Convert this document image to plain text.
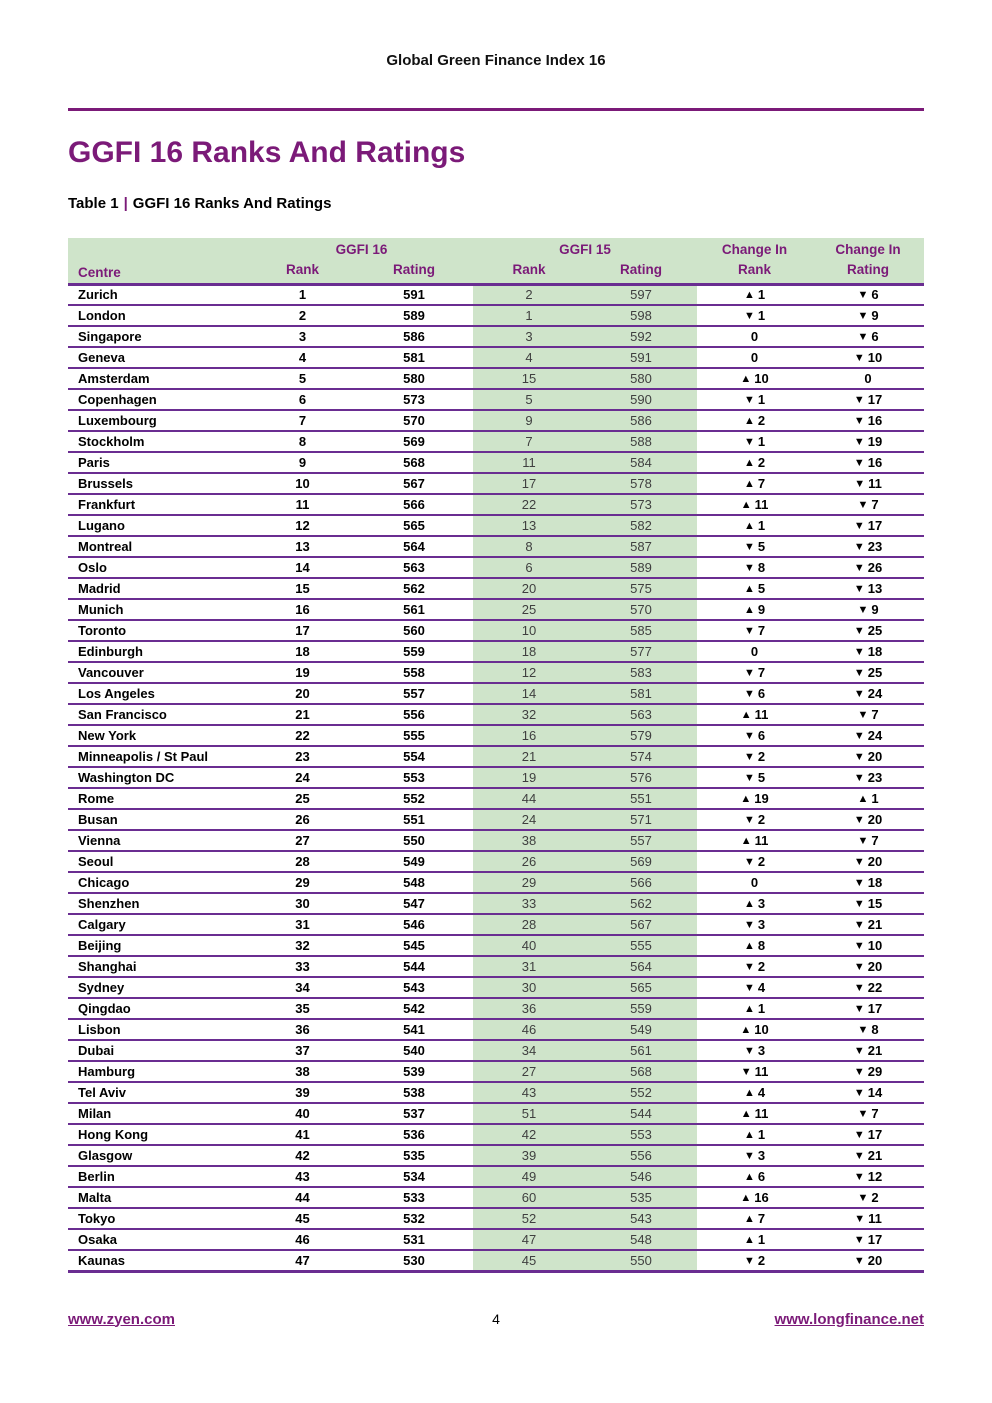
Global Green Finance Index 16
GGFI 16 Ranks And Ratings
Table 1 | GGFI 16 Ranks And Ratings
Centre	GGFI 16		GGFI 15		Change In	Change In
	Rank	Rating	Rank	Rating	Rank	Rating
Zurich	1	591	2	597	▲ 1	▼ 6
London	2	589	1	598	▼ 1	▼ 9
Singapore	3	586	3	592	0	▼ 6
Geneva	4	581	4	591	0	▼ 10
Amsterdam	5	580	15	580	▲ 10	0
Copenhagen	6	573	5	590	▼ 1	▼ 17
Luxembourg	7	570	9	586	▲ 2	▼ 16
Stockholm	8	569	7	588	▼ 1	▼ 19
Paris	9	568	11	584	▲ 2	▼ 16
Brussels	10	567	17	578	▲ 7	▼ 11
Frankfurt	11	566	22	573	▲ 11	▼ 7
Lugano	12	565	13	582	▲ 1	▼ 17
Montreal	13	564	8	587	▼ 5	▼ 23
Oslo	14	563	6	589	▼ 8	▼ 26
Madrid	15	562	20	575	▲ 5	▼ 13
Munich	16	561	25	570	▲ 9	▼ 9
Toronto	17	560	10	585	▼ 7	▼ 25
Edinburgh	18	559	18	577	0	▼ 18
Vancouver	19	558	12	583	▼ 7	▼ 25
Los Angeles	20	557	14	581	▼ 6	▼ 24
San Francisco	21	556	32	563	▲ 11	▼ 7
New York	22	555	16	579	▼ 6	▼ 24
Minneapolis / St Paul	23	554	21	574	▼ 2	▼ 20
Washington DC	24	553	19	576	▼ 5	▼ 23
Rome	25	552	44	551	▲ 19	▲ 1
Busan	26	551	24	571	▼ 2	▼ 20
Vienna	27	550	38	557	▲ 11	▼ 7
Seoul	28	549	26	569	▼ 2	▼ 20
Chicago	29	548	29	566	0	▼ 18
Shenzhen	30	547	33	562	▲ 3	▼ 15
Calgary	31	546	28	567	▼ 3	▼ 21
Beijing	32	545	40	555	▲ 8	▼ 10
Shanghai	33	544	31	564	▼ 2	▼ 20
Sydney	34	543	30	565	▼ 4	▼ 22
Qingdao	35	542	36	559	▲ 1	▼ 17
Lisbon	36	541	46	549	▲ 10	▼ 8
Dubai	37	540	34	561	▼ 3	▼ 21
Hamburg	38	539	27	568	▼ 11	▼ 29
Tel Aviv	39	538	43	552	▲ 4	▼ 14
Milan	40	537	51	544	▲ 11	▼ 7
Hong Kong	41	536	42	553	▲ 1	▼ 17
Glasgow	42	535	39	556	▼ 3	▼ 21
Berlin	43	534	49	546	▲ 6	▼ 12
Malta	44	533	60	535	▲ 16	▼ 2
Tokyo	45	532	52	543	▲ 7	▼ 11
Osaka	46	531	47	548	▲ 1	▼ 17
Kaunas	47	530	45	550	▼ 2	▼ 20
www.zyen.com	4	www.longfinance.net
